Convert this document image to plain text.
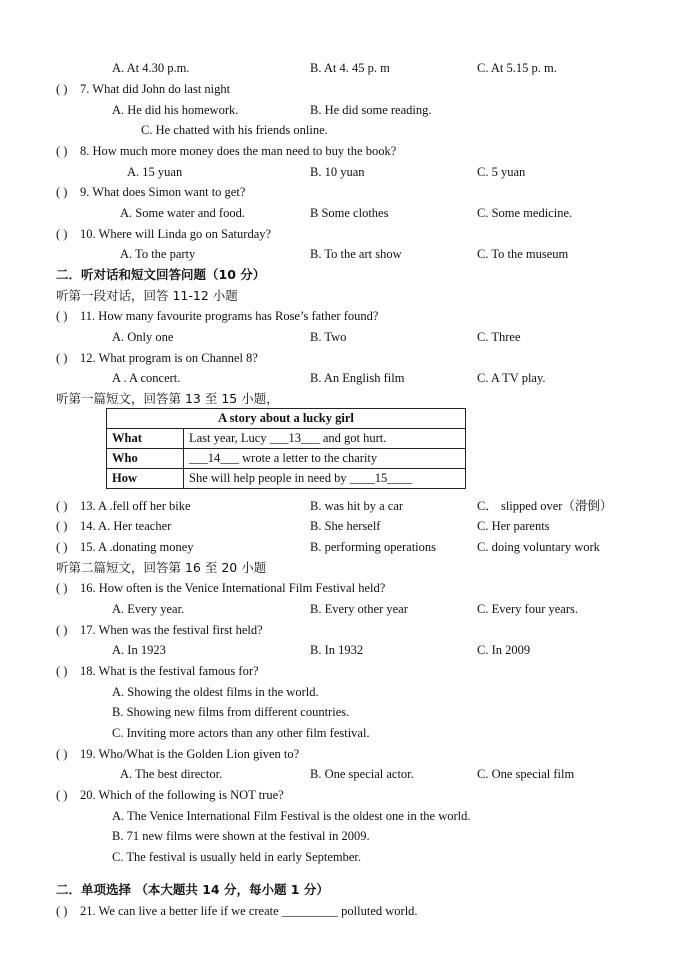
A. At 4.30 p.m.	B. At 4. 45 p. m	C. At 5.15 p. m.
( ) 7. What did John do last night
A. He did his homework.	B. He did some reading.
C. He chatted with his friends online.
( ) 8. How much more money does the man need to buy the book?
A. 15 yuan	B. 10 yuan	C. 5 yuan
( ) 9. What does Simon want to get?
A. Some water and food.	B Some clothes	C. Some medicine.
( ) 10. Where will Linda go on Saturday?
A. To the party	B. To the art show	C. To the museum
二．听对话和短文回答问题（10 分）
听第一段对话，回答 11-12 小题
( ) 11. How many favourite programs has Rose’s father found?
A. Only one	B. Two	C. Three
( ) 12. What program is on Channel 8?
A . A concert.	B. An English film	C. A TV play.
听第一篇短文，回答第 13 至 15 小题，
A story about a lucky girl	
What	Last year, Lucy ___13___ and got hurt.
Who	___14___ wrote a letter to the charity
How	She will help people in need by ____15____
( ) 13. A .fell off her bike	B. was hit by a car	C． slipped over（滑倒）
( ) 14. A. Her teacher	B. She herself	C. Her parents
( ) 15. A .donating money	B. performing operations	C. doing voluntary work
听第二篇短文，回答第 16 至 20 小题
( ) 16. How often is the Venice International Film Festival held?
A. Every year.	B. Every other year	C. Every four years.
( ) 17. When was the festival first held?
A. In 1923	B. In 1932	C. In 2009
( ) 18. What is the festival famous for?
A. Showing the oldest films in the world.
B. Showing new films from different countries.
C. Inviting more actors than any other film festival.
( ) 19. Who/What is the Golden Lion given to?
A. The best director.	B. One special actor.	C. One special film
( ) 20. Which of the following is NOT true?
A. The Venice International Film Festival is the oldest one in the world.
B. 71 new films were shown at the festival in 2009.
C. The festival is usually held in early September.
二．单项选择 （本大题共 14 分，每小题 1 分）
( ) 21. We can live a better life if we create _________ polluted world.
